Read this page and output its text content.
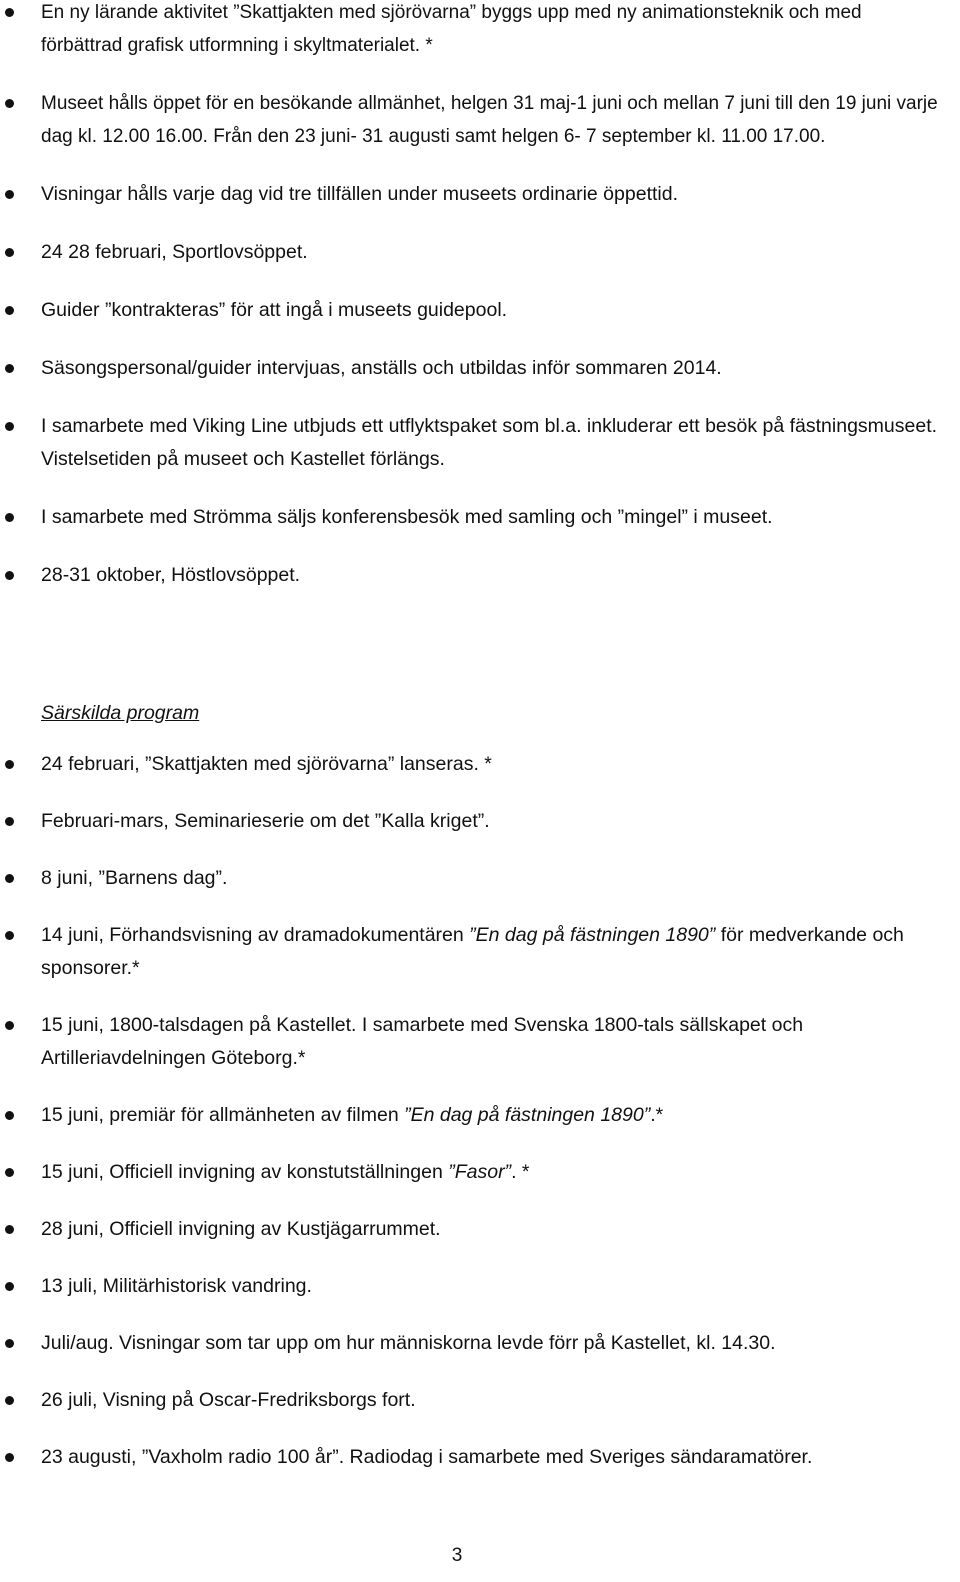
En ny lärande aktivitet ”Skattjakten med sjörövarna” byggs upp med ny animationsteknik och med förbättrad grafisk utformning i skyltmaterialet. *
Museet hålls öppet för en besökande allmänhet, helgen 31 maj-1 juni och mellan 7 juni till den 19 juni varje dag kl. 12.00 16.00. Från den 23 juni- 31 augusti samt helgen 6- 7 september kl. 11.00 17.00.
Visningar hålls varje dag vid tre tillfällen under museets ordinarie öppettid.
24 28 februari, Sportlovsöppet.
Guider ”kontrakteras” för att ingå i museets guidepool.
Säsongspersonal/guider intervjuas, anställs och utbildas inför sommaren 2014.
I samarbete med Viking Line utbjuds ett utflyktspaket som bl.a. inkluderar ett besök på fästningsmuseet. Vistelsetiden på museet och Kastellet förlängs.
I samarbete med Strömma säljs konferensbesök med samling och ”mingel” i museet.
28-31 oktober, Höstlovsöppet.
Särskilda program
24 februari, ”Skattjakten med sjörövarna” lanseras. *
Februari-mars, Seminarieserie om det ”Kalla kriget”.
8 juni, ”Barnens dag”.
14 juni, Förhandsvisning av dramadokumentären ”En dag på fästningen 1890” för medverkande och sponsorer.*
15 juni, 1800-talsdagen på Kastellet. I samarbete med Svenska 1800-tals sällskapet och Artilleriavdelningen Göteborg.*
15 juni, premiär för allmänheten av filmen ”En dag på fästningen 1890”.*
15 juni, Officiell invigning av konstutställningen ”Fasor”. *
28 juni, Officiell invigning av Kustjägarrummet.
13 juli, Militärhistorisk vandring.
Juli/aug. Visningar som tar upp om hur människorna levde förr på Kastellet, kl. 14.30.
26 juli, Visning på Oscar-Fredriksborgs fort.
23 augusti, ”Vaxholm radio 100 år”. Radiodag i samarbete med Sveriges sändaramatörer.
3
